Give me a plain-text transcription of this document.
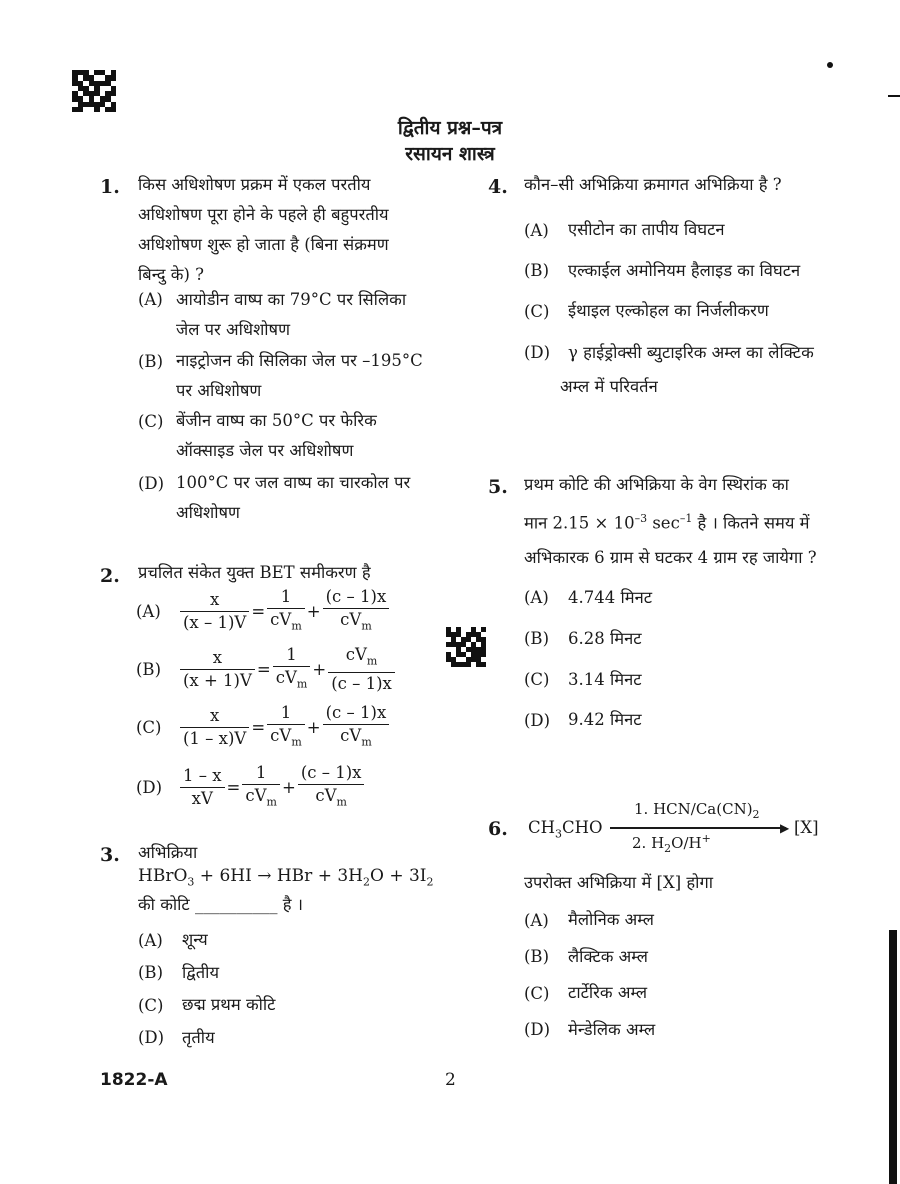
द्वितीय प्रश्न–पत्र
रसायन शास्त्र
1. किस अधिशोषण प्रक्रम में एकल परतीय
अधिशोषण पूरा होने के पहले ही बहुपरतीय
अधिशोषण शुरू हो जाता है (बिना संक्रमण
बिन्दु के) ?
(A) आयोडीन वाष्प का 79°C पर सिलिका
जेल पर अधिशोषण
(B) नाइट्रोजन की सिलिका जेल पर –195°C
पर अधिशोषण
(C) बेंजीन वाष्प का 50°C पर फेरिक
ऑक्साइड जेल पर अधिशोषण
(D) 100°C पर जल वाष्प का चारकोल पर
अधिशोषण
2. प्रचलित संकेत युक्त BET समीकरण है
$(A) \frac{x}{(x - 1)V} = \frac{1}{cV_m} + \frac{(c - 1)x}{cV_m}$
$(B) \frac{x}{(x + 1)V} = \frac{1}{cV_m} + \frac{cV_m}{(c - 1)x}$
$(C) \frac{x}{(1 - x)V} = \frac{1}{cV_m} + \frac{(c - 1)x}{cV_m}$
$(D) \frac{1 - x}{xV} = \frac{1}{cV_m} + \frac{(c - 1)x}{cV_m}$
3. अभिक्रिया
HBrO$_3$ + 6HI → HBr + $3H_2O + 3I_2$
की कोटि __________ है ।
(A) शून्य
(B) द्वितीय
(C) छद्म प्रथम कोटि
(D) तृतीय
4. कौन–सी अभिक्रिया क्रमागत अभिक्रिया है ?
(A) एसीटोन का तापीय विघटन
(B) एल्काईल अमोनियम हैलाइड का विघटन
(C) ईथाइल एल्कोहल का निर्जलीकरण
(D) γ हाईड्रोक्सी ब्युटाइरिक अम्ल का लेक्टिक
अम्ल में परिवर्तन
5. प्रथम कोटि की अभिक्रिया के वेग स्थिरांक का
मान $2.15 \times 10^{-3}$ $\sec^{-1}$ है । कितने समय में
अभिकारक 6 ग्राम से घटकर 4 ग्राम रह जायेगा ?
(A) 4.744 मिनट
(B) 6.28 मिनट
(C) 3.14 मिनट
(D) 9.42 मिनट
6. $CH_3CHO$
1. HCN/$Ca(CN)_2$
▶
2. $H_2O/H^+$
[X]
उपरोक्त अभिक्रिया में [X] होगा
(A) मैलोनिक अम्ल
(B) लैक्टिक अम्ल
(C) टार्टेरिक अम्ल
(D) मेन्डेलिक अम्ल
1822-A	2
